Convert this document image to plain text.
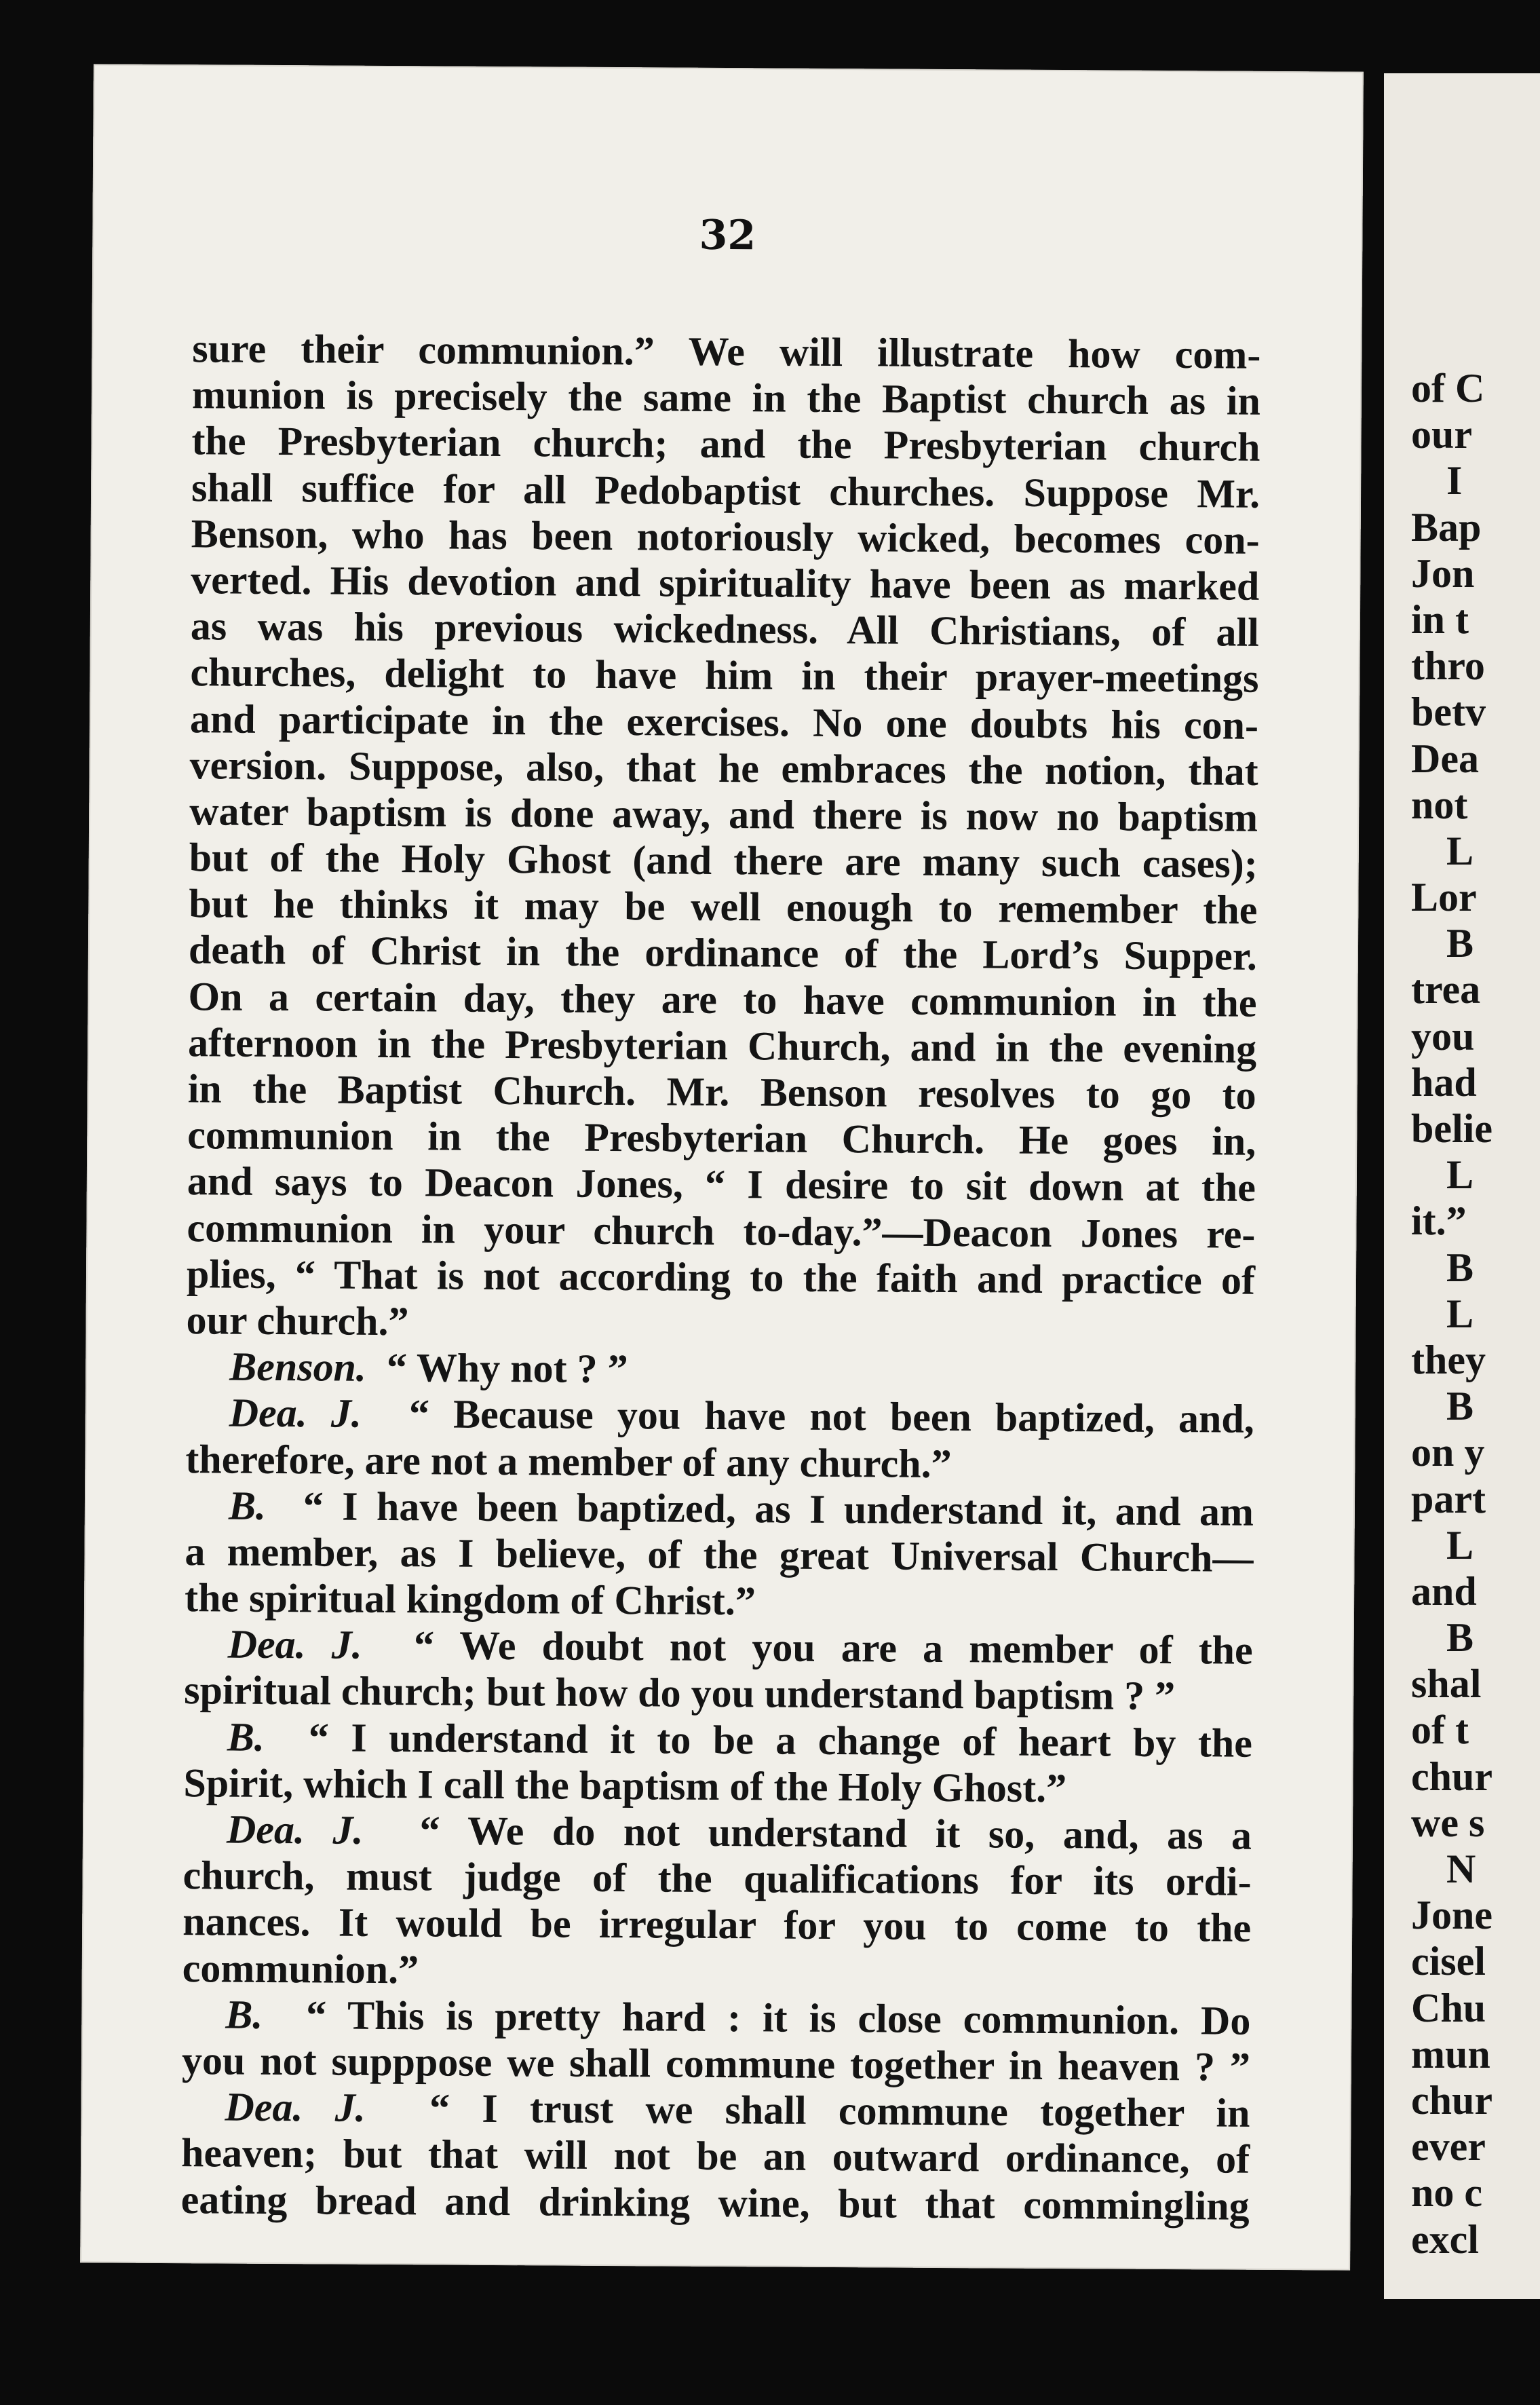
32
sure their communion.” We will illustrate how com-
munion is precisely the same in the Baptist church as in
the Presbyterian church; and the Presbyterian church
shall suffice for all Pedobaptist churches. Suppose Mr.
Benson, who has been notoriously wicked, becomes con-
verted. His devotion and spirituality have been as marked
as was his previous wickedness. All Christians, of all
churches, delight to have him in their prayer-meetings
and participate in the exercises. No one doubts his con-
version. Suppose, also, that he embraces the notion, that
water baptism is done away, and there is now no baptism
but of the Holy Ghost (and there are many such cases);
but he thinks it may be well enough to remember the
death of Christ in the ordinance of the Lord’s Supper.
On a certain day, they are to have communion in the
afternoon in the Presbyterian Church, and in the evening
in the Baptist Church. Mr. Benson resolves to go to
communion in the Presbyterian Church. He goes in,
and says to Deacon Jones, “ I desire to sit down at the
communion in your church to-day.”—Deacon Jones re-
plies, “ That is not according to the faith and practice of
our church.”
Benson. “ Why not ? ”
Dea. J. “ Because you have not been baptized, and,
therefore, are not a member of any church.”
B. “ I have been baptized, as I understand it, and am
a member, as I believe, of the great Universal Church—
the spiritual kingdom of Christ.”
Dea. J. “ We doubt not you are a member of the
spiritual church; but how do you understand baptism ? ”
B. “ I understand it to be a change of heart by the
Spirit, which I call the baptism of the Holy Ghost.”
Dea. J. “ We do not understand it so, and, as a
church, must judge of the qualifications for its ordi-
nances. It would be irregular for you to come to the
communion.”
B. “ This is pretty hard : it is close communion. Do
you not supppose we shall commune together in heaven ? ”
Dea. J. “ I trust we shall commune together in
heaven; but that will not be an outward ordinance, of
eating bread and drinking wine, but that commingling
of C
our
I
Bap
Jon
in t
thro
betv
Dea
not
L
Lor
B
trea
you
had
belie
L
it.”
B
L
they
B
on y
part
L
and
B
shal
of t
chur
we s
N
Jone
cisel
Chu
mun
chur
ever
no c
excl
